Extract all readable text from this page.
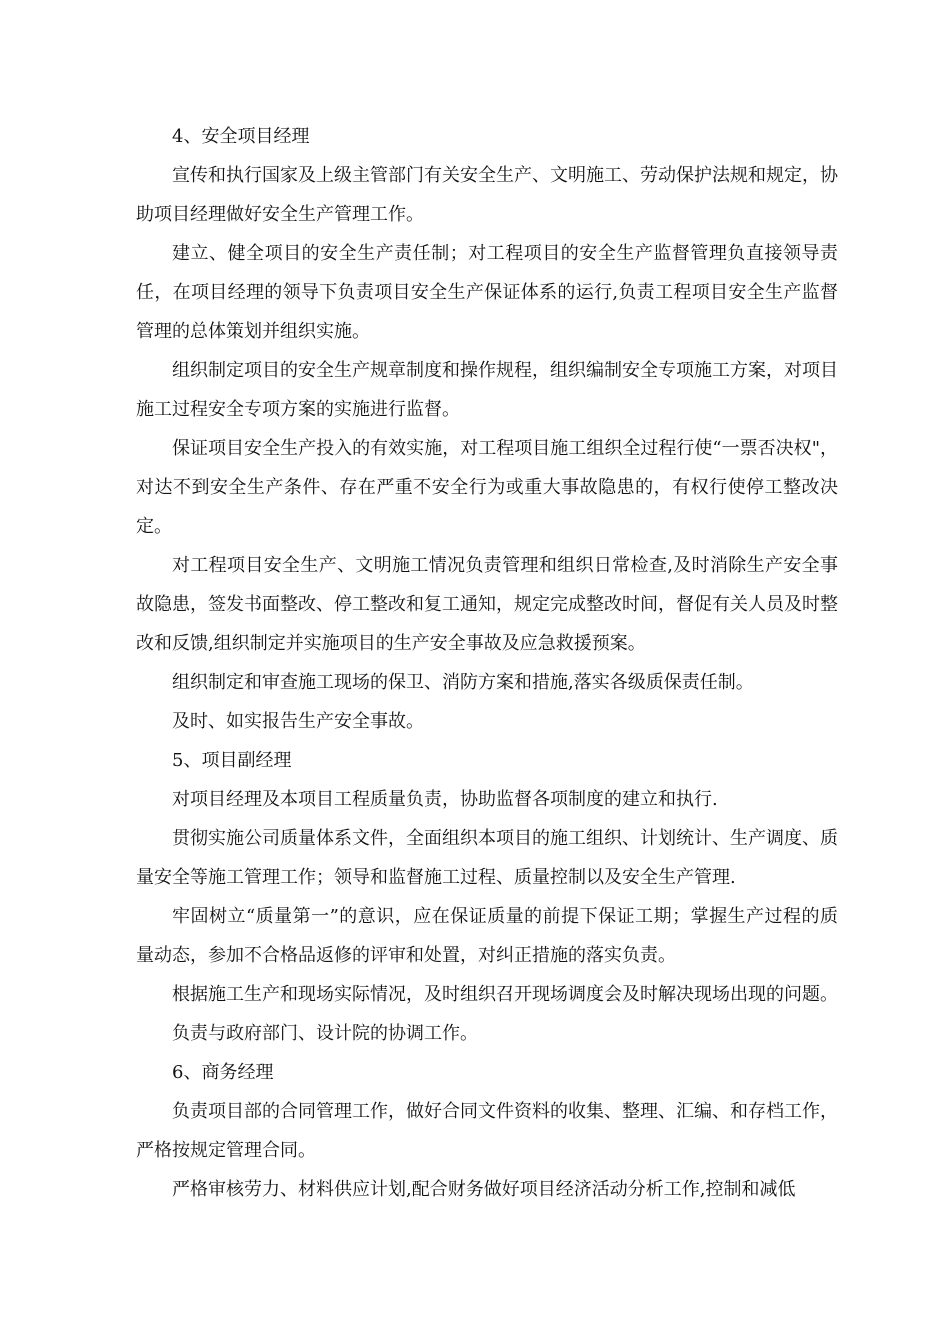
4、安全项目经理

宣传和执行国家及上级主管部门有关安全生产、文明施工、劳动保护法规和规定，协助项目经理做好安全生产管理工作。

建立、健全项目的安全生产责任制；对工程项目的安全生产监督管理负直接领导责任，在项目经理的领导下负责项目安全生产保证体系的运行,负责工程项目安全生产监督管理的总体策划并组织实施。

组织制定项目的安全生产规章制度和操作规程，组织编制安全专项施工方案，对项目施工过程安全专项方案的实施进行监督。

保证项目安全生产投入的有效实施，对工程项目施工组织全过程行使“一票否决权"，对达不到安全生产条件、存在严重不安全行为或重大事故隐患的，有权行使停工整改决定。

对工程项目安全生产、文明施工情况负责管理和组织日常检查,及时消除生产安全事故隐患，签发书面整改、停工整改和复工通知，规定完成整改时间，督促有关人员及时整改和反馈,组织制定并实施项目的生产安全事故及应急救援预案。

组织制定和审查施工现场的保卫、消防方案和措施,落实各级质保责任制。

及时、如实报告生产安全事故。

5、项目副经理

对项目经理及本项目工程质量负责，协助监督各项制度的建立和执行.

贯彻实施公司质量体系文件，全面组织本项目的施工组织、计划统计、生产调度、质量安全等施工管理工作；领导和监督施工过程、质量控制以及安全生产管理.

牢固树立“质量第一”的意识，应在保证质量的前提下保证工期；掌握生产过程的质量动态，参加不合格品返修的评审和处置，对纠正措施的落实负责。

根据施工生产和现场实际情况，及时组织召开现场调度会及时解决现场出现的问题。

负责与政府部门、设计院的协调工作。

6、商务经理

负责项目部的合同管理工作，做好合同文件资料的收集、整理、汇编、和存档工作，严格按规定管理合同。

严格审核劳力、材料供应计划,配合财务做好项目经济活动分析工作,控制和减低
